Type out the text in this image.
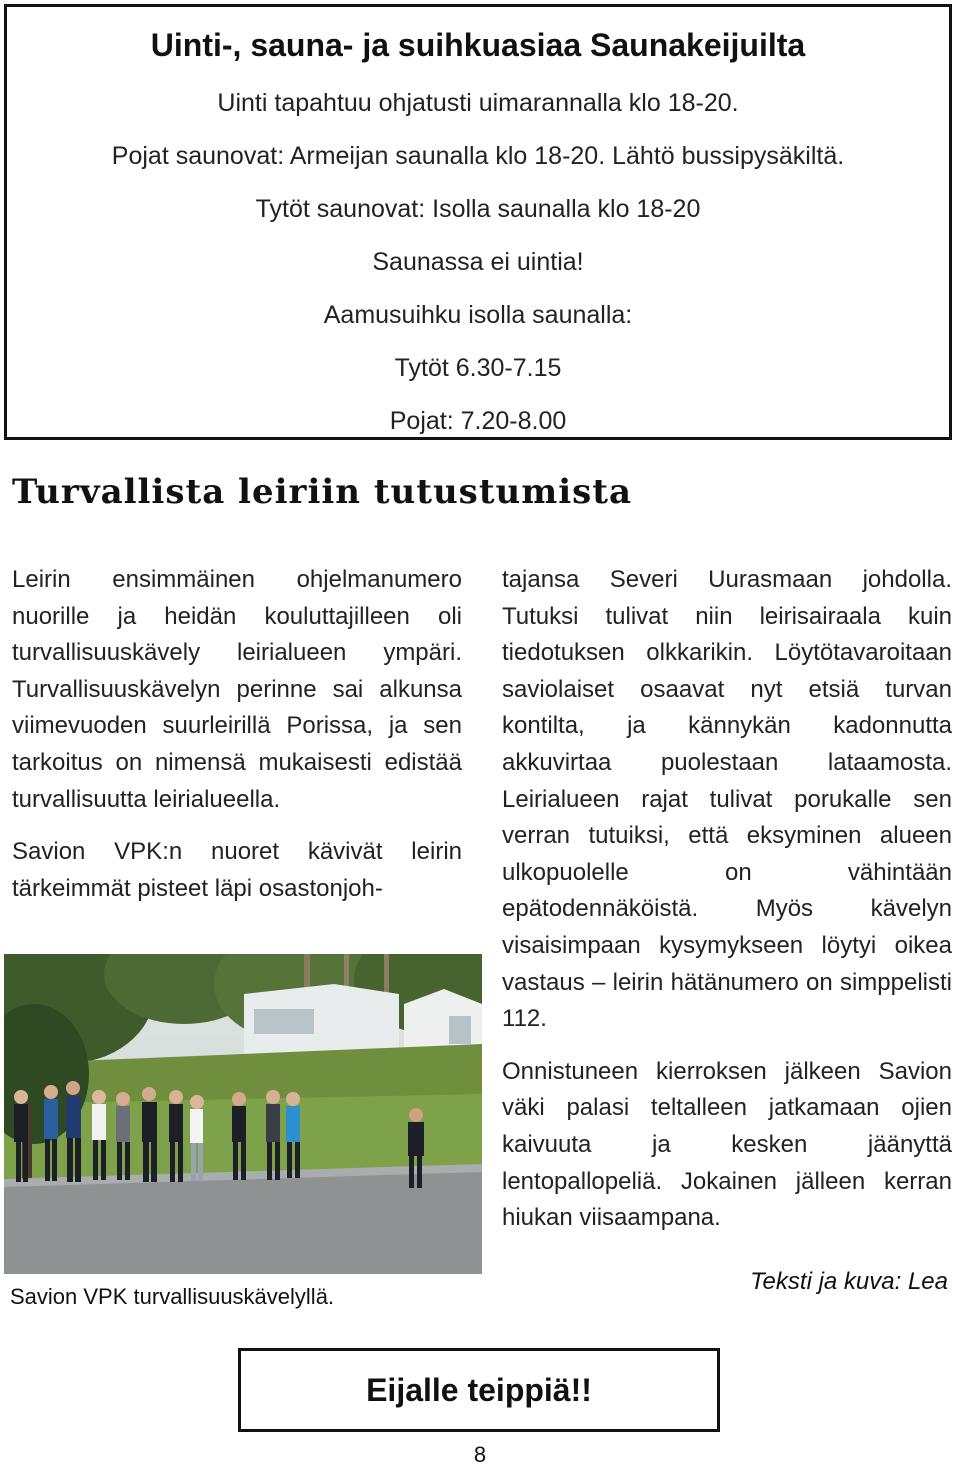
Uinti-, sauna- ja suihkuasiaa Saunakeijuilta
Uinti tapahtuu ohjatusti uimarannalla klo 18-20.
Pojat saunovat: Armeijan saunalla klo 18-20. Lähtö bussipysäkiltä.
Tytöt saunovat: Isolla saunalla klo 18-20
Saunassa ei uintia!
Aamusuihku isolla saunalla:
Tytöt 6.30-7.15
Pojat: 7.20-8.00
Turvallista leiriin tutustumista

Leirin ensimmäinen ohjelmanumero nuorille ja heidän kouluttajilleen oli turvallisuuskävely leirialueen ympäri. Turvallisuuskävelyn perinne sai alkunsa viimevuoden suurleirillä Porissa, ja sen tarkoitus on nimensä mukaisesti edistää turvallisuutta leirialueella.

Savion VPK:n nuoret kävivät leirin tärkeimmät pisteet läpi osastonjoh-

tajansa Severi Uurasmaan johdolla. Tutuksi tulivat niin leirisairaala kuin tiedotuksen olkkarikin. Löytötavaroitaan saviolaiset osaavat nyt etsiä turvan kontilta, ja kännykän kadonnutta akkuvirtaa puolestaan lataamosta. Leirialueen rajat tulivat porukalle sen verran tutuiksi, että eksyminen alueen ulkopuolelle on vähintään epätodennäköistä. Myös kävelyn visaisimpaan kysymykseen löytyi oikea vastaus – leirin hätänumero on simppelisti 112.

Onnistuneen kierroksen jälkeen Savion väki palasi teltalleen jatkamaan ojien kaivuuta ja kesken jäänyttä lentopallopeliä. Jokainen jälleen kerran hiukan viisaampana.

Savion VPK turvallisuuskävelyllä.
Teksti ja kuva: Lea
Eijalle teippiä!!
8
